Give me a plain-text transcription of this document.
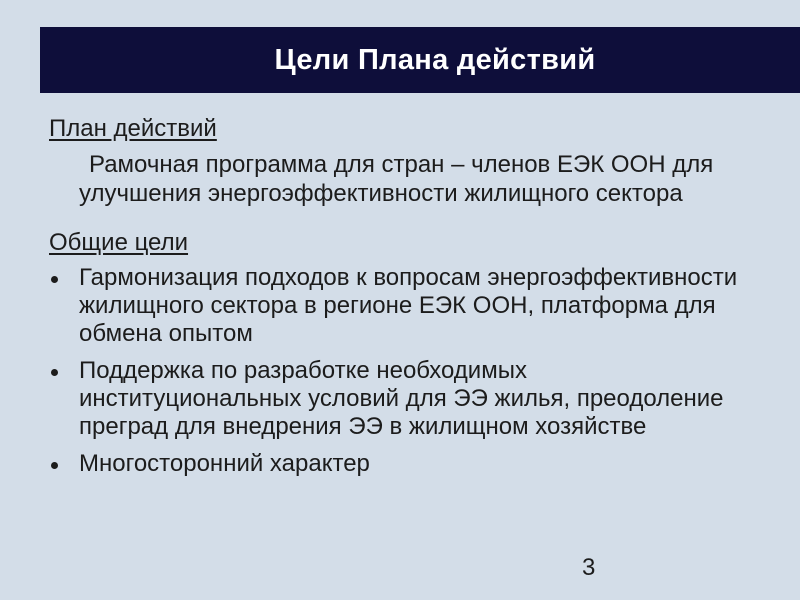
Цели Плана действий

План действий

Рамочная программа для стран – членов ЕЭК ООН для улучшения энергоэффективности жилищного сектора

Общие цели

Гармонизация подходов к вопросам энергоэффективности жилищного сектора в регионе ЕЭК ООН, платформа для обмена опытом
Поддержка по разработке необходимых институциональных условий для ЭЭ жилья, преодоление преград для внедрения ЭЭ в жилищном хозяйстве
Многосторонний характер
3
